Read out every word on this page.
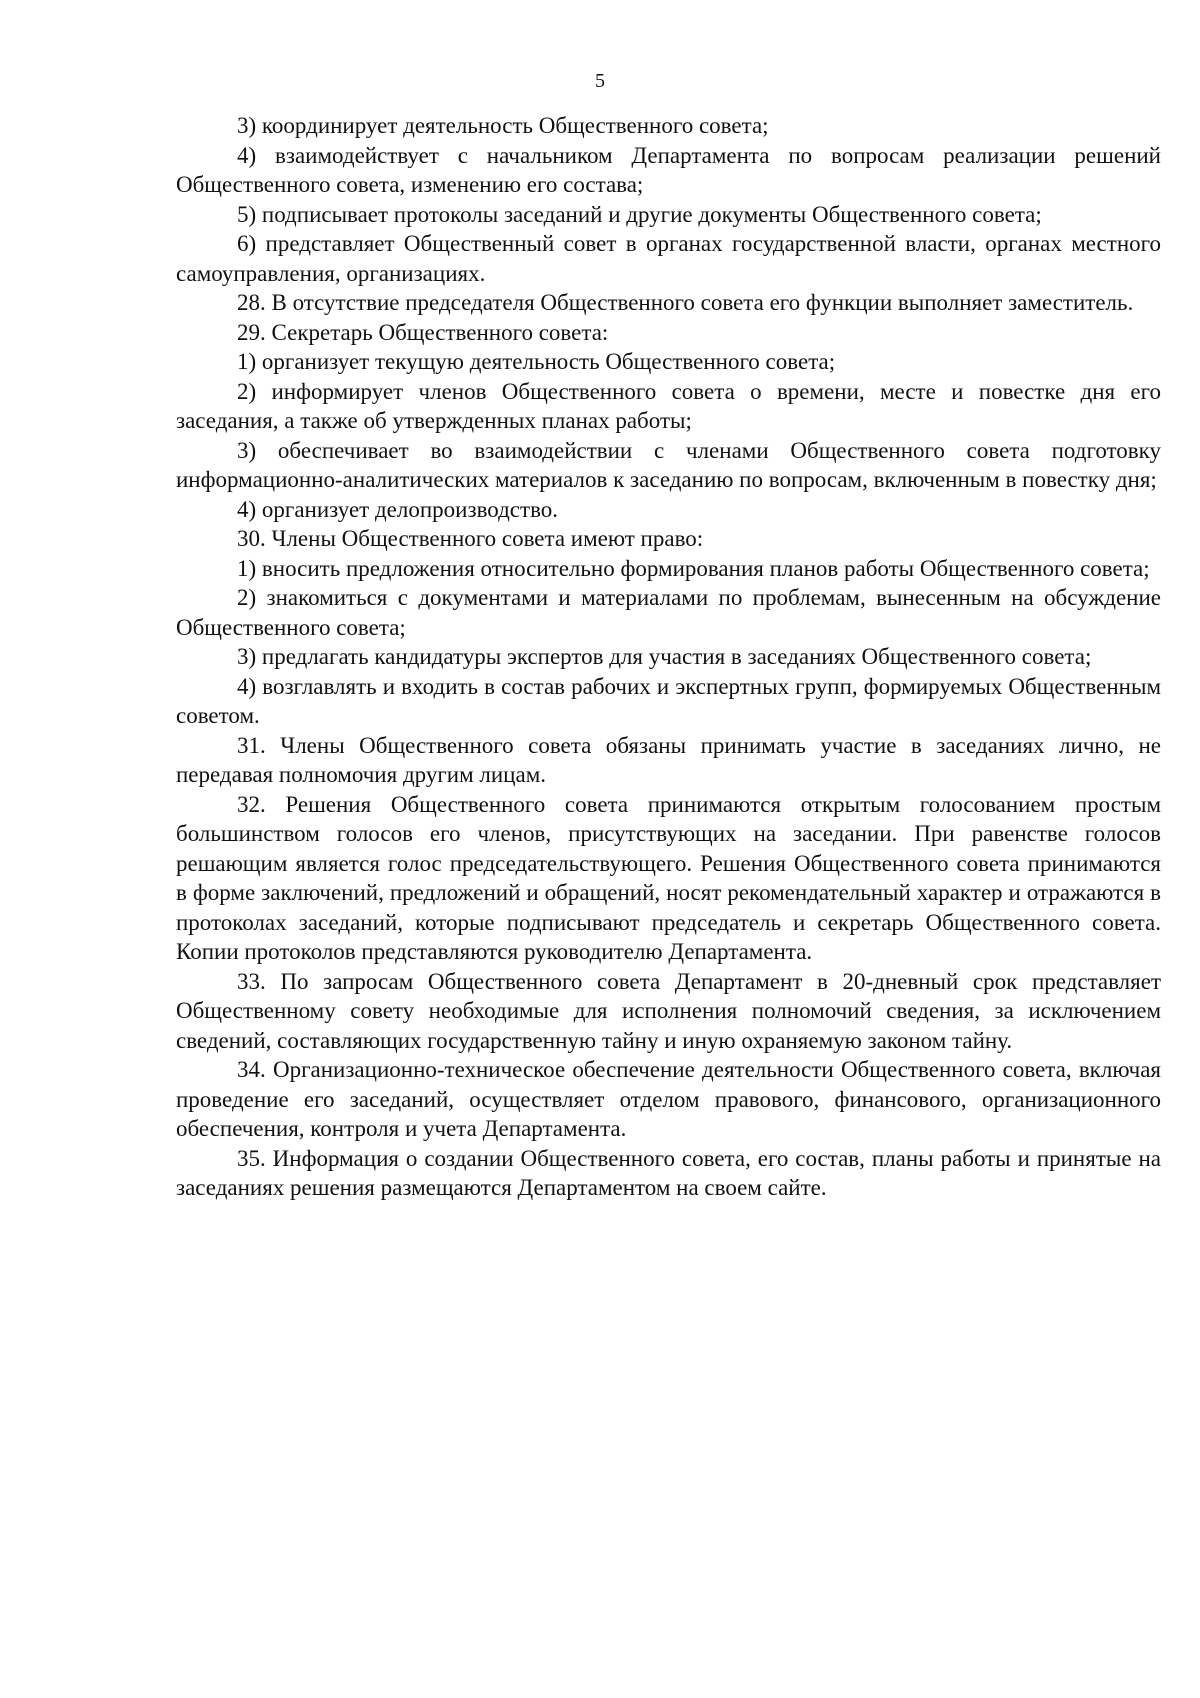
5

3) координирует деятельность Общественного совета;

4) взаимодействует с начальником Департамента по вопросам реализации решений Общественного совета, изменению его состава;

5) подписывает протоколы заседаний и другие документы Общественного совета;

6) представляет Общественный совет в органах государственной власти, органах местного самоуправления, организациях.

28. В отсутствие председателя Общественного совета его функции выполняет заместитель.

29. Секретарь Общественного совета:

1) организует текущую деятельность Общественного совета;

2) информирует членов Общественного совета о времени, месте и повестке дня его заседания, а также об утвержденных планах работы;

3) обеспечивает во взаимодействии с членами Общественного совета подготовку информационно-аналитических материалов к заседанию по вопросам, включенным в повестку дня;

4) организует делопроизводство.

30. Члены Общественного совета имеют право:

1) вносить предложения относительно формирования планов работы Общественного совета;

2) знакомиться с документами и материалами по проблемам, вынесенным на обсуждение Общественного совета;

3) предлагать кандидатуры экспертов для участия в заседаниях Общественного совета;

4) возглавлять и входить в состав рабочих и экспертных групп, формируемых Общественным советом.

31. Члены Общественного совета обязаны принимать участие в заседаниях лично, не передавая полномочия другим лицам.

32. Решения Общественного совета принимаются открытым голосованием простым большинством голосов его членов, присутствующих на заседании. При равенстве голосов решающим является голос председательствующего. Решения Общественного совета принимаются в форме заключений, предложений и обращений, носят рекомендательный характер и отражаются в протоколах заседаний, которые подписывают председатель и секретарь Общественного совета. Копии протоколов представляются руководителю Департамента.

33. По запросам Общественного совета Департамент в 20-дневный срок представляет Общественному совету необходимые для исполнения полномочий сведения, за исключением сведений, составляющих государственную тайну и иную охраняемую законом тайну.

34. Организационно-техническое обеспечение деятельности Общественного совета, включая проведение его заседаний, осуществляет отделом правового, финансового, организационного обеспечения, контроля и учета Департамента.

35. Информация о создании Общественного совета, его состав, планы работы и принятые на заседаниях решения размещаются Департаментом на своем сайте.
